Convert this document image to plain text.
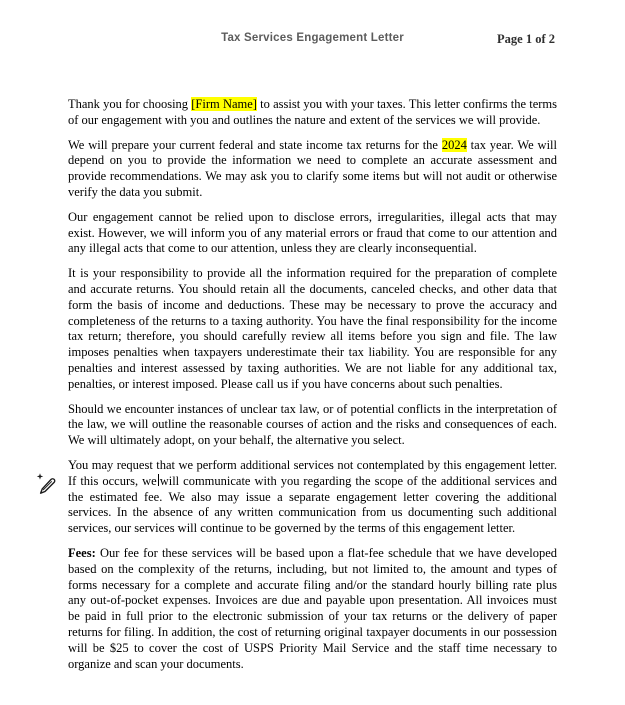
Tax Services Engagement Letter	Page 1 of 2

Thank you for choosing [Firm Name] to assist you with your taxes. This letter confirms the terms of our engagement with you and outlines the nature and extent of the services we will provide.

We will prepare your current federal and state income tax returns for the 2024 tax year. We will depend on you to provide the information we need to complete an accurate assessment and provide recommendations. We may ask you to clarify some items but will not audit or otherwise verify the data you submit.

Our engagement cannot be relied upon to disclose errors, irregularities, illegal acts that may exist. However, we will inform you of any material errors or fraud that come to our attention and any illegal acts that come to our attention, unless they are clearly inconsequential.

It is your responsibility to provide all the information required for the preparation of complete and accurate returns. You should retain all the documents, canceled checks, and other data that form the basis of income and deductions. These may be necessary to prove the accuracy and completeness of the returns to a taxing authority. You have the final responsibility for the income tax return; therefore, you should carefully review all items before you sign and file. The law imposes penalties when taxpayers underestimate their tax liability. You are responsible for any penalties and interest assessed by taxing authorities. We are not liable for any additional tax, penalties, or interest imposed. Please call us if you have concerns about such penalties.

Should we encounter instances of unclear tax law, or of potential conflicts in the interpretation of the law, we will outline the reasonable courses of action and the risks and consequences of each. We will ultimately adopt, on your behalf, the alternative you select.

You may request that we perform additional services not contemplated by this engagement letter. If this occurs, we will communicate with you regarding the scope of the additional services and the estimated fee. We also may issue a separate engagement letter covering the additional services. In the absence of any written communication from us documenting such additional services, our services will continue to be governed by the terms of this engagement letter.

Fees: Our fee for these services will be based upon a flat-fee schedule that we have developed based on the complexity of the returns, including, but not limited to, the amount and types of forms necessary for a complete and accurate filing and/or the standard hourly billing rate plus any out-of-pocket expenses. Invoices are due and payable upon presentation. All invoices must be paid in full prior to the electronic submission of your tax returns or the delivery of paper returns for filing. In addition, the cost of returning original taxpayer documents in our possession will be $25 to cover the cost of USPS Priority Mail Service and the staff time necessary to organize and scan your documents.
